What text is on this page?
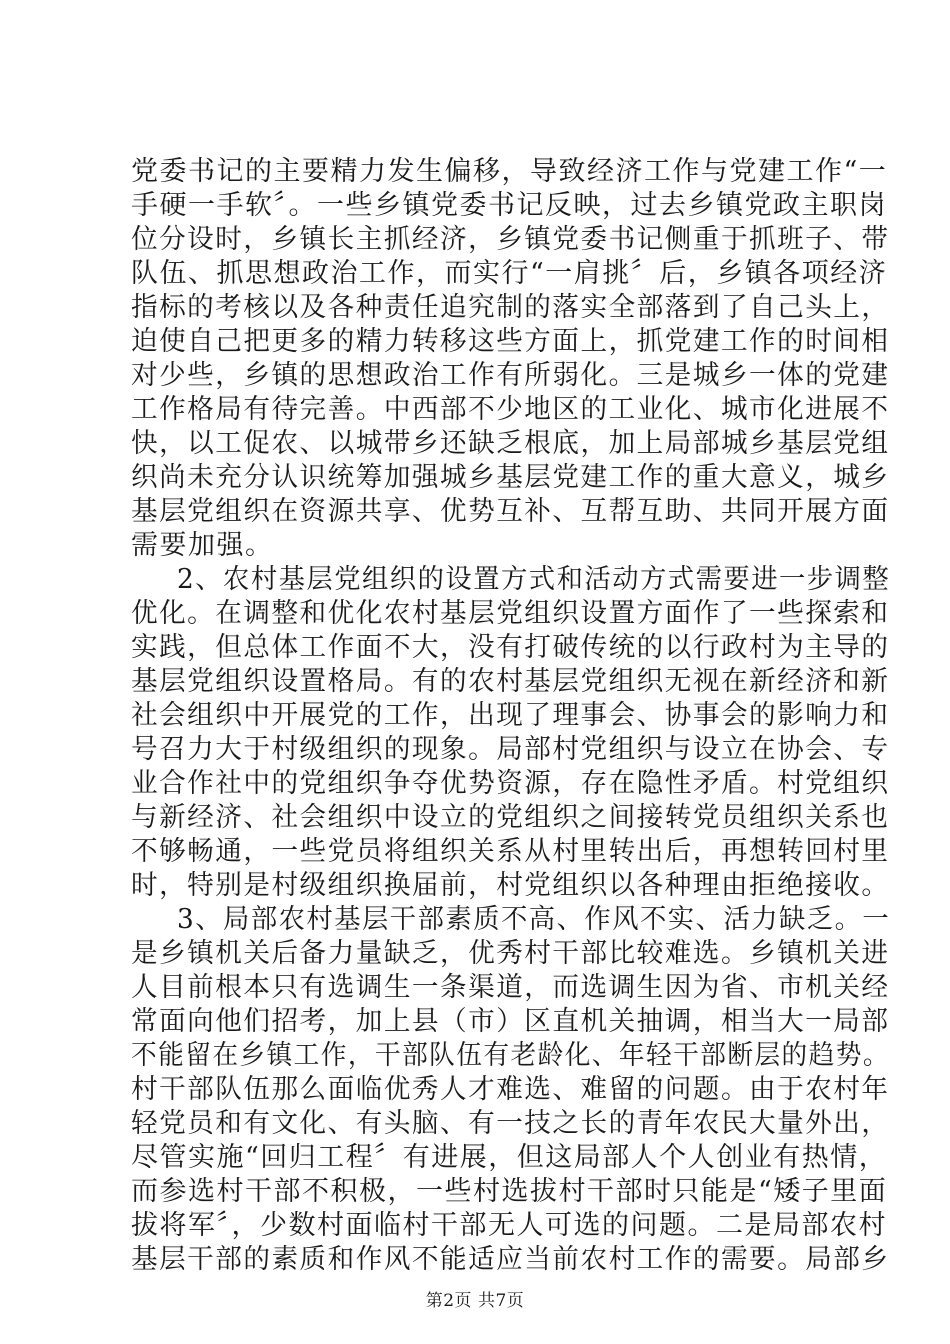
党委书记的主要精力发生偏移，导致经济工作与党建工作“一
手硬一手软〞。一些乡镇党委书记反映，过去乡镇党政主职岗
位分设时，乡镇长主抓经济，乡镇党委书记侧重于抓班子、带
队伍、抓思想政治工作，而实行“一肩挑〞后，乡镇各项经济
指标的考核以及各种责任追究制的落实全部落到了自己头上，
迫使自己把更多的精力转移这些方面上，抓党建工作的时间相
对少些，乡镇的思想政治工作有所弱化。三是城乡一体的党建
工作格局有待完善。中西部不少地区的工业化、城市化进展不
快，以工促农、以城带乡还缺乏根底，加上局部城乡基层党组
织尚未充分认识统筹加强城乡基层党建工作的重大意义，城乡
基层党组织在资源共享、优势互补、互帮互助、共同开展方面
需要加强。
2、农村基层党组织的设置方式和活动方式需要进一步调整
优化。在调整和优化农村基层党组织设置方面作了一些探索和
实践，但总体工作面不大，没有打破传统的以行政村为主导的
基层党组织设置格局。有的农村基层党组织无视在新经济和新
社会组织中开展党的工作，出现了理事会、协事会的影响力和
号召力大于村级组织的现象。局部村党组织与设立在协会、专
业合作社中的党组织争夺优势资源，存在隐性矛盾。村党组织
与新经济、社会组织中设立的党组织之间接转党员组织关系也
不够畅通，一些党员将组织关系从村里转出后，再想转回村里
时，特别是村级组织换届前，村党组织以各种理由拒绝接收。
3、局部农村基层干部素质不高、作风不实、活力缺乏。一
是乡镇机关后备力量缺乏，优秀村干部比较难选。乡镇机关进
人目前根本只有选调生一条渠道，而选调生因为省、市机关经
常面向他们招考，加上县（市）区直机关抽调，相当大一局部
不能留在乡镇工作，干部队伍有老龄化、年轻干部断层的趋势。
村干部队伍那么面临优秀人才难选、难留的问题。由于农村年
轻党员和有文化、有头脑、有一技之长的青年农民大量外出，
尽管实施“回归工程〞有进展，但这局部人个人创业有热情，
而参选村干部不积极，一些村选拔村干部时只能是“矮子里面
拔将军〞，少数村面临村干部无人可选的问题。二是局部农村
基层干部的素质和作风不能适应当前农村工作的需要。局部乡
第2页 共7页
